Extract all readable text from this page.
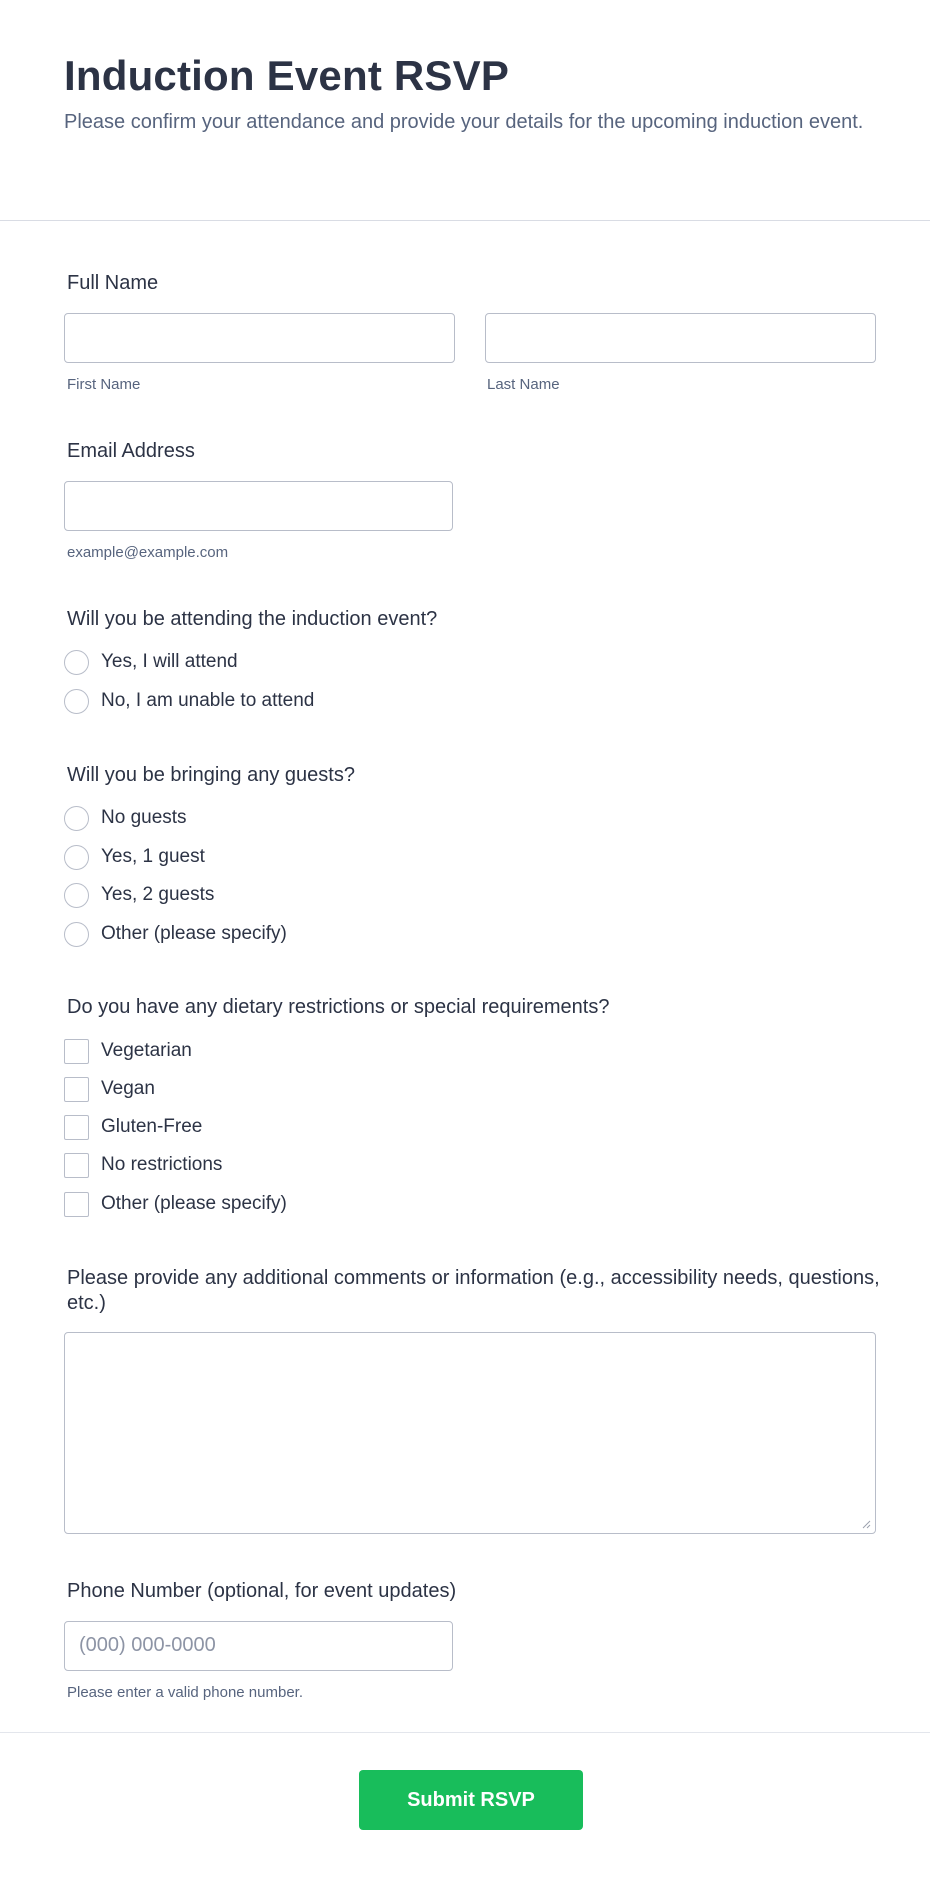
Induction Event RSVP

Please confirm your attendance and provide your details for the upcoming induction event.

Full Name
First Name	Last Name
Email Address
example@example.com
Will you be attending the induction event?
Yes, I will attend
No, I am unable to attend
Will you be bringing any guests?
No guests
Yes, 1 guest
Yes, 2 guests
Other (please specify)
Do you have any dietary restrictions or special requirements?
Vegetarian
Vegan
Gluten-Free
No restrictions
Other (please specify)
Please provide any additional comments or information (e.g., accessibility needs, questions, etc.)
Phone Number (optional, for event updates)
(000) 000-0000
Please enter a valid phone number.
Submit RSVP
